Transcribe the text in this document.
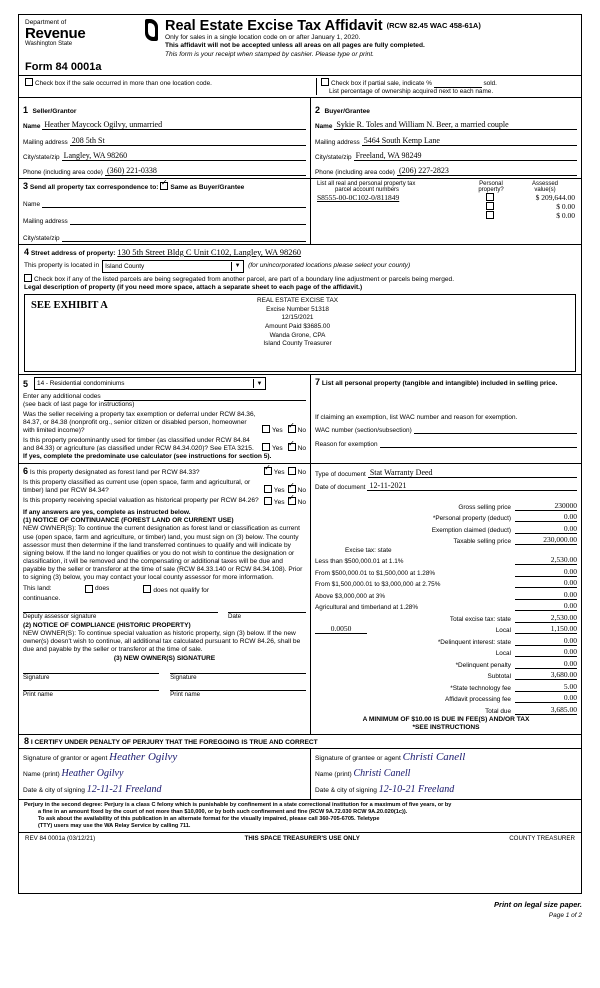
Department of
Revenue
Washington State
Real Estate Excise Tax Affidavit (RCW 82.45 WAC 458-61A)
Only for sales in a single location code on or after January 1, 2020.
This affidavit will not be accepted unless all areas on all pages are fully completed.
This form is your receipt when stamped by cashier. Please type or print.
Form 84 0001a
Check box if the sale occurred in more than one location code.	Check box if partial sale, indicate %	sold.
List percentage of ownership acquired next to each name.
1 Seller/Grantor
Name Heather Maycock Ogilvy, unmarried
Mailing address 208 5th St
City/state/zip Langley, WA 98260
Phone (including area code) (360) 221-0338
2 Buyer/Grantee
Name Sykie R. Toles and William N. Beer, a married couple
Mailing address 5464 South Kemp Lane
City/state/zip Freeland, WA 98249
Phone (including area code) (206) 227-2823
3 Send all property tax correspondence to: ✓ Same as Buyer/Grantee
Name
Mailing address
City/state/zip
List all real and personal property tax
parcel account numbers	Personal
property?	Assessed
value(s)
S8555-00-0C102-0/811849		$ 209,644.00
		$ 0.00
		$ 0.00
4 Street address of property: 130 5th Street Bldg C Unit C102, Langley, WA 98260
This property is located in Island County	▼	(for unincorporated locations please select your county)
Check box if any of the listed parcels are being segregated from another parcel, are part of a boundary line adjustment or parcels being merged.
Legal description of property (if you need more space, attach a separate sheet to each page of the affidavit.)
SEE EXHIBIT A	REAL ESTATE EXCISE TAX
Excise Number 51318
12/15/2021
Amount Paid $3685.00
Wanda Grone, CPA
Island County Treasurer
5 14 - Residential condominiums	▼
Enter any additional codes
(see back of last page for instructions)
Was the seller receiving a property tax exemption or deferral under RCW 84.36, 84.37, or 84.38 (nonprofit org., senior citizen or disabled person, homeowner with limited income)?	Yes ✓ No
Is this property predominantly used for timber (as classified under RCW 84.84 and 84.33) or agriculture (as classified under RCW 84.34.020)? See ETA 3215.	Yes ✓ No
If yes, complete the predominate use calculator (see instructions for section 5).
7 List all personal property (tangible and intangible) included in selling price.
If claiming an exemption, list WAC number and reason for exemption.
WAC number (section/subsection)
Reason for exemption
6 Is this property designated as forest land per RCW 84.33? ✓	Yes No
Is this property classified as current use (open space, farm and agricultural, or timber) land per RCW 84.34?	Yes ✓ No
Is this property receiving special valuation as historical property per RCW 84.26?	Yes ✓ No
If any answers are yes, complete as instructed below.
(1) NOTICE OF CONTINUANCE (FOREST LAND OR CURRENT USE)
NEW OWNER(S): To continue the current designation as forest land or classification as current use (open space, farm and agriculture, or timber) land, you must sign on (3) below. The county assessor must then determine if the land transferred continues to qualify and will indicate by signing below. If the land no longer qualifies or you do not wish to continue the designation or classification, it will be removed and the compensating or additional taxes will be due and payable by the seller or transferor at the time of sale (RCW 84.33.140 or RCW 84.34.108). Prior to signing (3) below, you may contact your local county assessor for more information.
This land:	does	does not qualify for
continuance.
Deputy assessor signature	Date
(2) NOTICE OF COMPLIANCE (HISTORIC PROPERTY)
NEW OWNER(S): To continue special valuation as historic property, sign (3) below. If the new owner(s) doesn't wish to continue, all additional tax calculated pursuant to RCW 84.26, shall be due and payable by the seller or transferor at the time of sale.
(3) NEW OWNER(S) SIGNATURE
Signature	Signature
Print name	Print name
Type of document Stat Warranty Deed
Date of document 12-11-2021
Gross selling price	230000
*Personal property (deduct)	0.00
Exemption claimed (deduct)	0.00
Taxable selling price	230,000.00
Excise tax: state
Less than $500,000.01 at 1.1%	2,530.00
From $500,000.01 to $1,500,000 at 1.28%	0.00
From $1,500,000.01 to $3,000,000 at 2.75%	0.00
Above $3,000,000 at 3%	0.00
Agricultural and timberland at 1.28%	0.00
Total excise tax: state	2,530.00
0.0050	Local	1,150.00
*Delinquent interest: state	0.00
Local	0.00
*Delinquent penalty	0.00
Subtotal	3,680.00
*State technology fee	5.00
Affidavit processing fee	0.00
Total due	3,685.00
A MINIMUM OF $10.00 IS DUE IN FEE(S) AND/OR TAX
*SEE INSTRUCTIONS
8 I CERTIFY UNDER PENALTY OF PERJURY THAT THE FOREGOING IS TRUE AND CORRECT
Signature of grantor or agent Heather Ogilvy
Name (print) Heather Ogilvy
Date & city of signing 12-11-21 Freeland
Signature of grantee or agent Christi Canell
Name (print) Christi Canell
Date & city of signing 12-10-21 Freeland
Perjury in the second degree: Perjury is a class C felony which is punishable by confinement in a state correctional institution for a maximum of five years, or by
a fine in an amount fixed by the court of not more than $10,000, or by both such confinement and fine (RCW 9A.72.030 RCW 9A.20.020(1c)).
To ask about the availability of this publication in an alternate format for the visually impaired, please call 360-705-6705. Teletype
(TTY) users may use the WA Relay Service by calling 711.
REV 84 0001a (03/12/21)	THIS SPACE TREASURER'S USE ONLY	COUNTY TREASURER
Print on legal size paper.
Page 1 of 2
